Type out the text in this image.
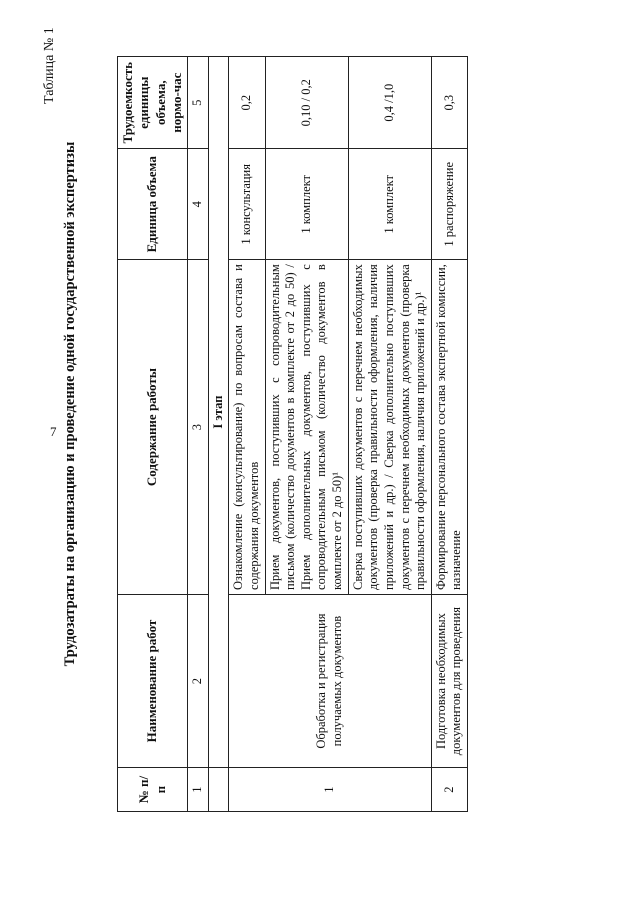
7
Таблица № 1
Трудозатраты на организацию и проведение одной государственной экспертизы
№ п/п	Наименование работ	Содержание работы	Единица объема	Трудоемкость единицы объема, нормо-час
1	2	3	4	5
	I этап			
1	Обработка и регистрация получаемых документов	Ознакомление (консультирование) по вопросам состава и содержания документов	1 консультация	0,2
		Прием документов, поступивших с сопроводительным письмом (количество документов в комплекте от 2 до 50) / Прием дополнительных документов, поступивших с сопроводительным письмом (количество документов в комплекте от 2 до 50)¹	1 комплект	0,10 / 0,2
		Сверка поступивших документов с перечнем необходимых документов (проверка правильности оформления, наличия приложений и др.) / Сверка дополнительно поступивших документов с перечнем необходимых документов (проверка правильности оформления, наличия приложений и др.)¹	1 комплект	0,4 /1,0
2	Подготовка необходимых документов для проведения	Формирование персонального состава экспертной комиссии, назначение	1 распоряжение	0,3
